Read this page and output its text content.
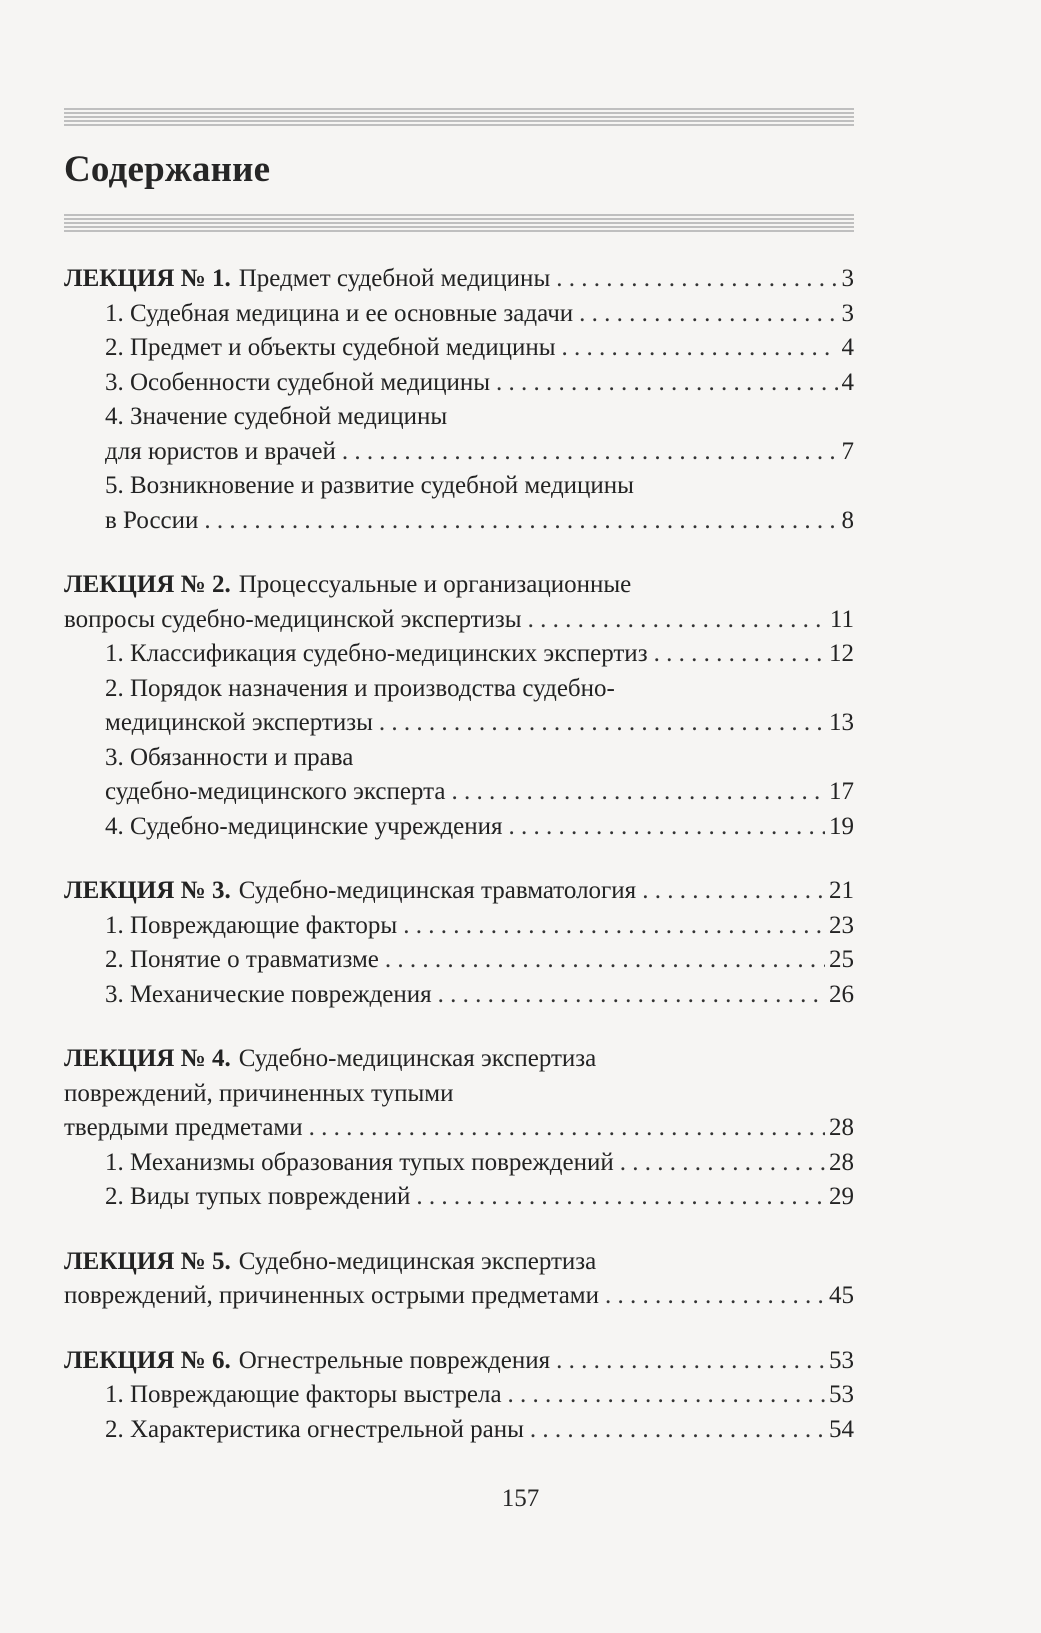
Содержание
ЛЕКЦИЯ № 1. Предмет судебной медицины . . .	3
1. Судебная медицина и ее основные задачи . . .	3
2. Предмет и объекты судебной медицины . . .	4
3. Особенности судебной медицины . . .	4
4. Значение судебной медицины
для юристов и врачей . . .	7
5. Возникновение и развитие судебной медицины
в России . . .	8
ЛЕКЦИЯ № 2. Процессуальные и организационные
вопросы судебно-медицинской экспертизы . . .	11
1. Классификация судебно-медицинских экспертиз . . .	12
2. Порядок назначения и производства судебно-
медицинской экспертизы . . .	13
3. Обязанности и права
судебно-медицинского эксперта . . .	17
4. Судебно-медицинские учреждения . . .	19
ЛЕКЦИЯ № 3. Судебно-медицинская травматология . . .	21
1. Повреждающие факторы . . .	23
2. Понятие о травматизме . . .	25
3. Механические повреждения . . .	26
ЛЕКЦИЯ № 4. Судебно-медицинская экспертиза
повреждений, причиненных тупыми
твердыми предметами . . .	28
1. Механизмы образования тупых повреждений . . .	28
2. Виды тупых повреждений . . .	29
ЛЕКЦИЯ № 5. Судебно-медицинская экспертиза
повреждений, причиненных острыми предметами . . .	45
ЛЕКЦИЯ № 6. Огнестрельные повреждения . . .	53
1. Повреждающие факторы выстрела . . .	53
2. Характеристика огнестрельной раны . . .	54
157
